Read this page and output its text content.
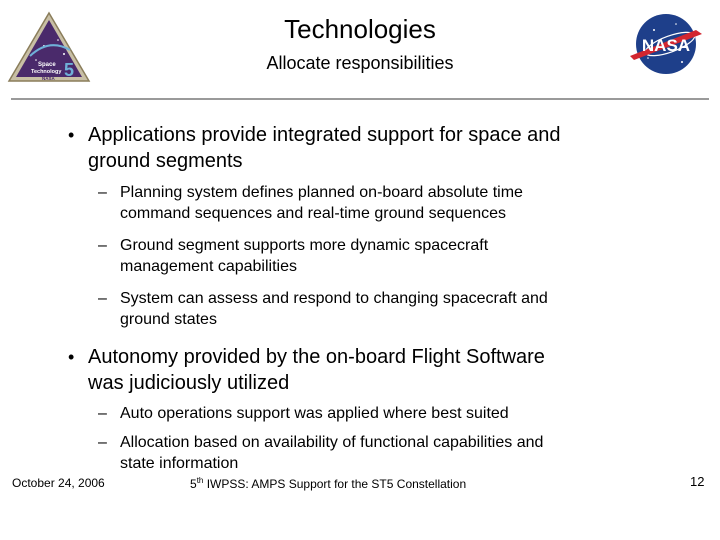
Space
Technology 5
NASA
Technologies
Allocate responsibilities
NASA
• Applications provide integrated support for space and
ground segments
– Planning system defines planned on-board absolute time
command sequences and real-time ground sequences
– Ground segment supports more dynamic spacecraft
management capabilities
– System can assess and respond to changing spacecraft and
ground states
• Autonomy provided by the on-board Flight Software
was judiciously utilized
– Auto operations support was applied where best suited
– Allocation based on availability of functional capabilities and
state information
October 24, 2006	5th IWPSS: AMPS Support for the ST5 Constellation	12
